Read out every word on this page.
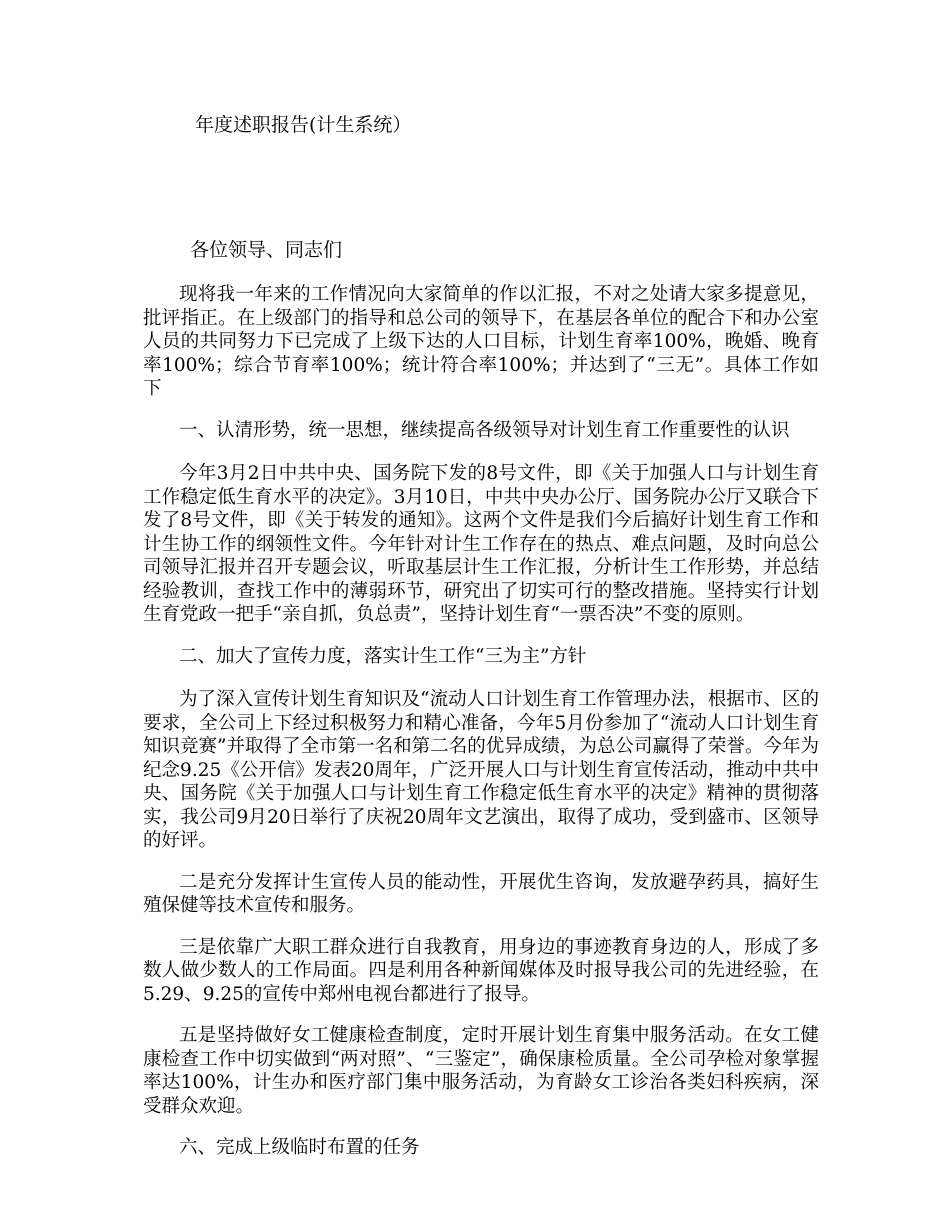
年度述职报告(计生系统）
各位领导、同志们

现将我一年来的工作情况向大家简单的作以汇报，不对之处请大家多提意见，批评指正。在上级部门的指导和总公司的领导下，在基层各单位的配合下和办公室人员的共同努力下已完成了上级下达的人口目标，计划生育率100%，晚婚、晚育率100%；综合节育率100%；统计符合率100%；并达到了“三无”。具体工作如下

一、认清形势，统一思想，继续提高各级领导对计划生育工作重要性的认识

今年3月2日中共中央、国务院下发的8号文件，即《关于加强人口与计划生育工作稳定低生育水平的决定》。3月10日，中共中央办公厅、国务院办公厅又联合下发了8号文件，即《关于转发的通知》。这两个文件是我们今后搞好计划生育工作和计生协工作的纲领性文件。今年针对计生工作存在的热点、难点问题，及时向总公司领导汇报并召开专题会议，听取基层计生工作汇报，分析计生工作形势，并总结经验教训，查找工作中的薄弱环节，研究出了切实可行的整改措施。坚持实行计划生育党政一把手“亲自抓，负总责”，坚持计划生育“一票否决”不变的原则。

二、加大了宣传力度，落实计生工作“三为主”方针

为了深入宣传计划生育知识及“流动人口计划生育工作管理办法，根据市、区的要求，全公司上下经过积极努力和精心准备，今年5月份参加了“流动人口计划生育知识竞赛”并取得了全市第一名和第二名的优异成绩，为总公司赢得了荣誉。今年为纪念9.25《公开信》发表20周年，广泛开展人口与计划生育宣传活动，推动中共中央、国务院《关于加强人口与计划生育工作稳定低生育水平的决定》精神的贯彻落实，我公司9月20日举行了庆祝20周年文艺演出，取得了成功，受到盛市、区领导的好评。

二是充分发挥计生宣传人员的能动性，开展优生咨询，发放避孕药具，搞好生殖保健等技术宣传和服务。

三是依靠广大职工群众进行自我教育，用身边的事迹教育身边的人，形成了多数人做少数人的工作局面。四是利用各种新闻媒体及时报导我公司的先进经验，在5.29、9.25的宣传中郑州电视台都进行了报导。

五是坚持做好女工健康检查制度，定时开展计划生育集中服务活动。在女工健康检查工作中切实做到“两对照”、“三鉴定”，确保康检质量。全公司孕检对象掌握率达100%，计生办和医疗部门集中服务活动，为育龄女工诊治各类妇科疾病，深受群众欢迎。

六、完成上级临时布置的任务
